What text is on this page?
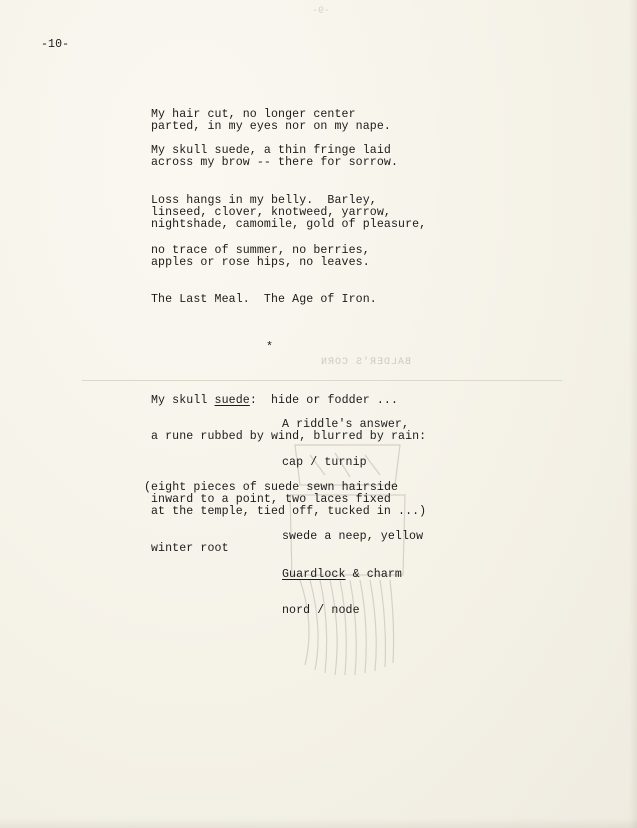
-9-
-10-
My hair cut, no longer center
parted, in my eyes nor on my nape.
My skull suede, a thin fringe laid
across my brow -- there for sorrow.
Loss hangs in my belly.  Barley,
linseed, clover, knotweed, yarrow,
nightshade, camomile, gold of pleasure,
no trace of summer, no berries,
apples or rose hips, no leaves.
The Last Meal.  The Age of Iron.
*
BALDER'S CORN
My skull suede:  hide or fodder ...
A riddle's answer,
a rune rubbed by wind, blurred by rain:
cap / turnip
(eight pieces of suede sewn hairside
inward to a point, two laces fixed
at the temple, tied off, tucked in ...)
swede a neep, yellow
winter root
Guardlock & charm
nord / node
